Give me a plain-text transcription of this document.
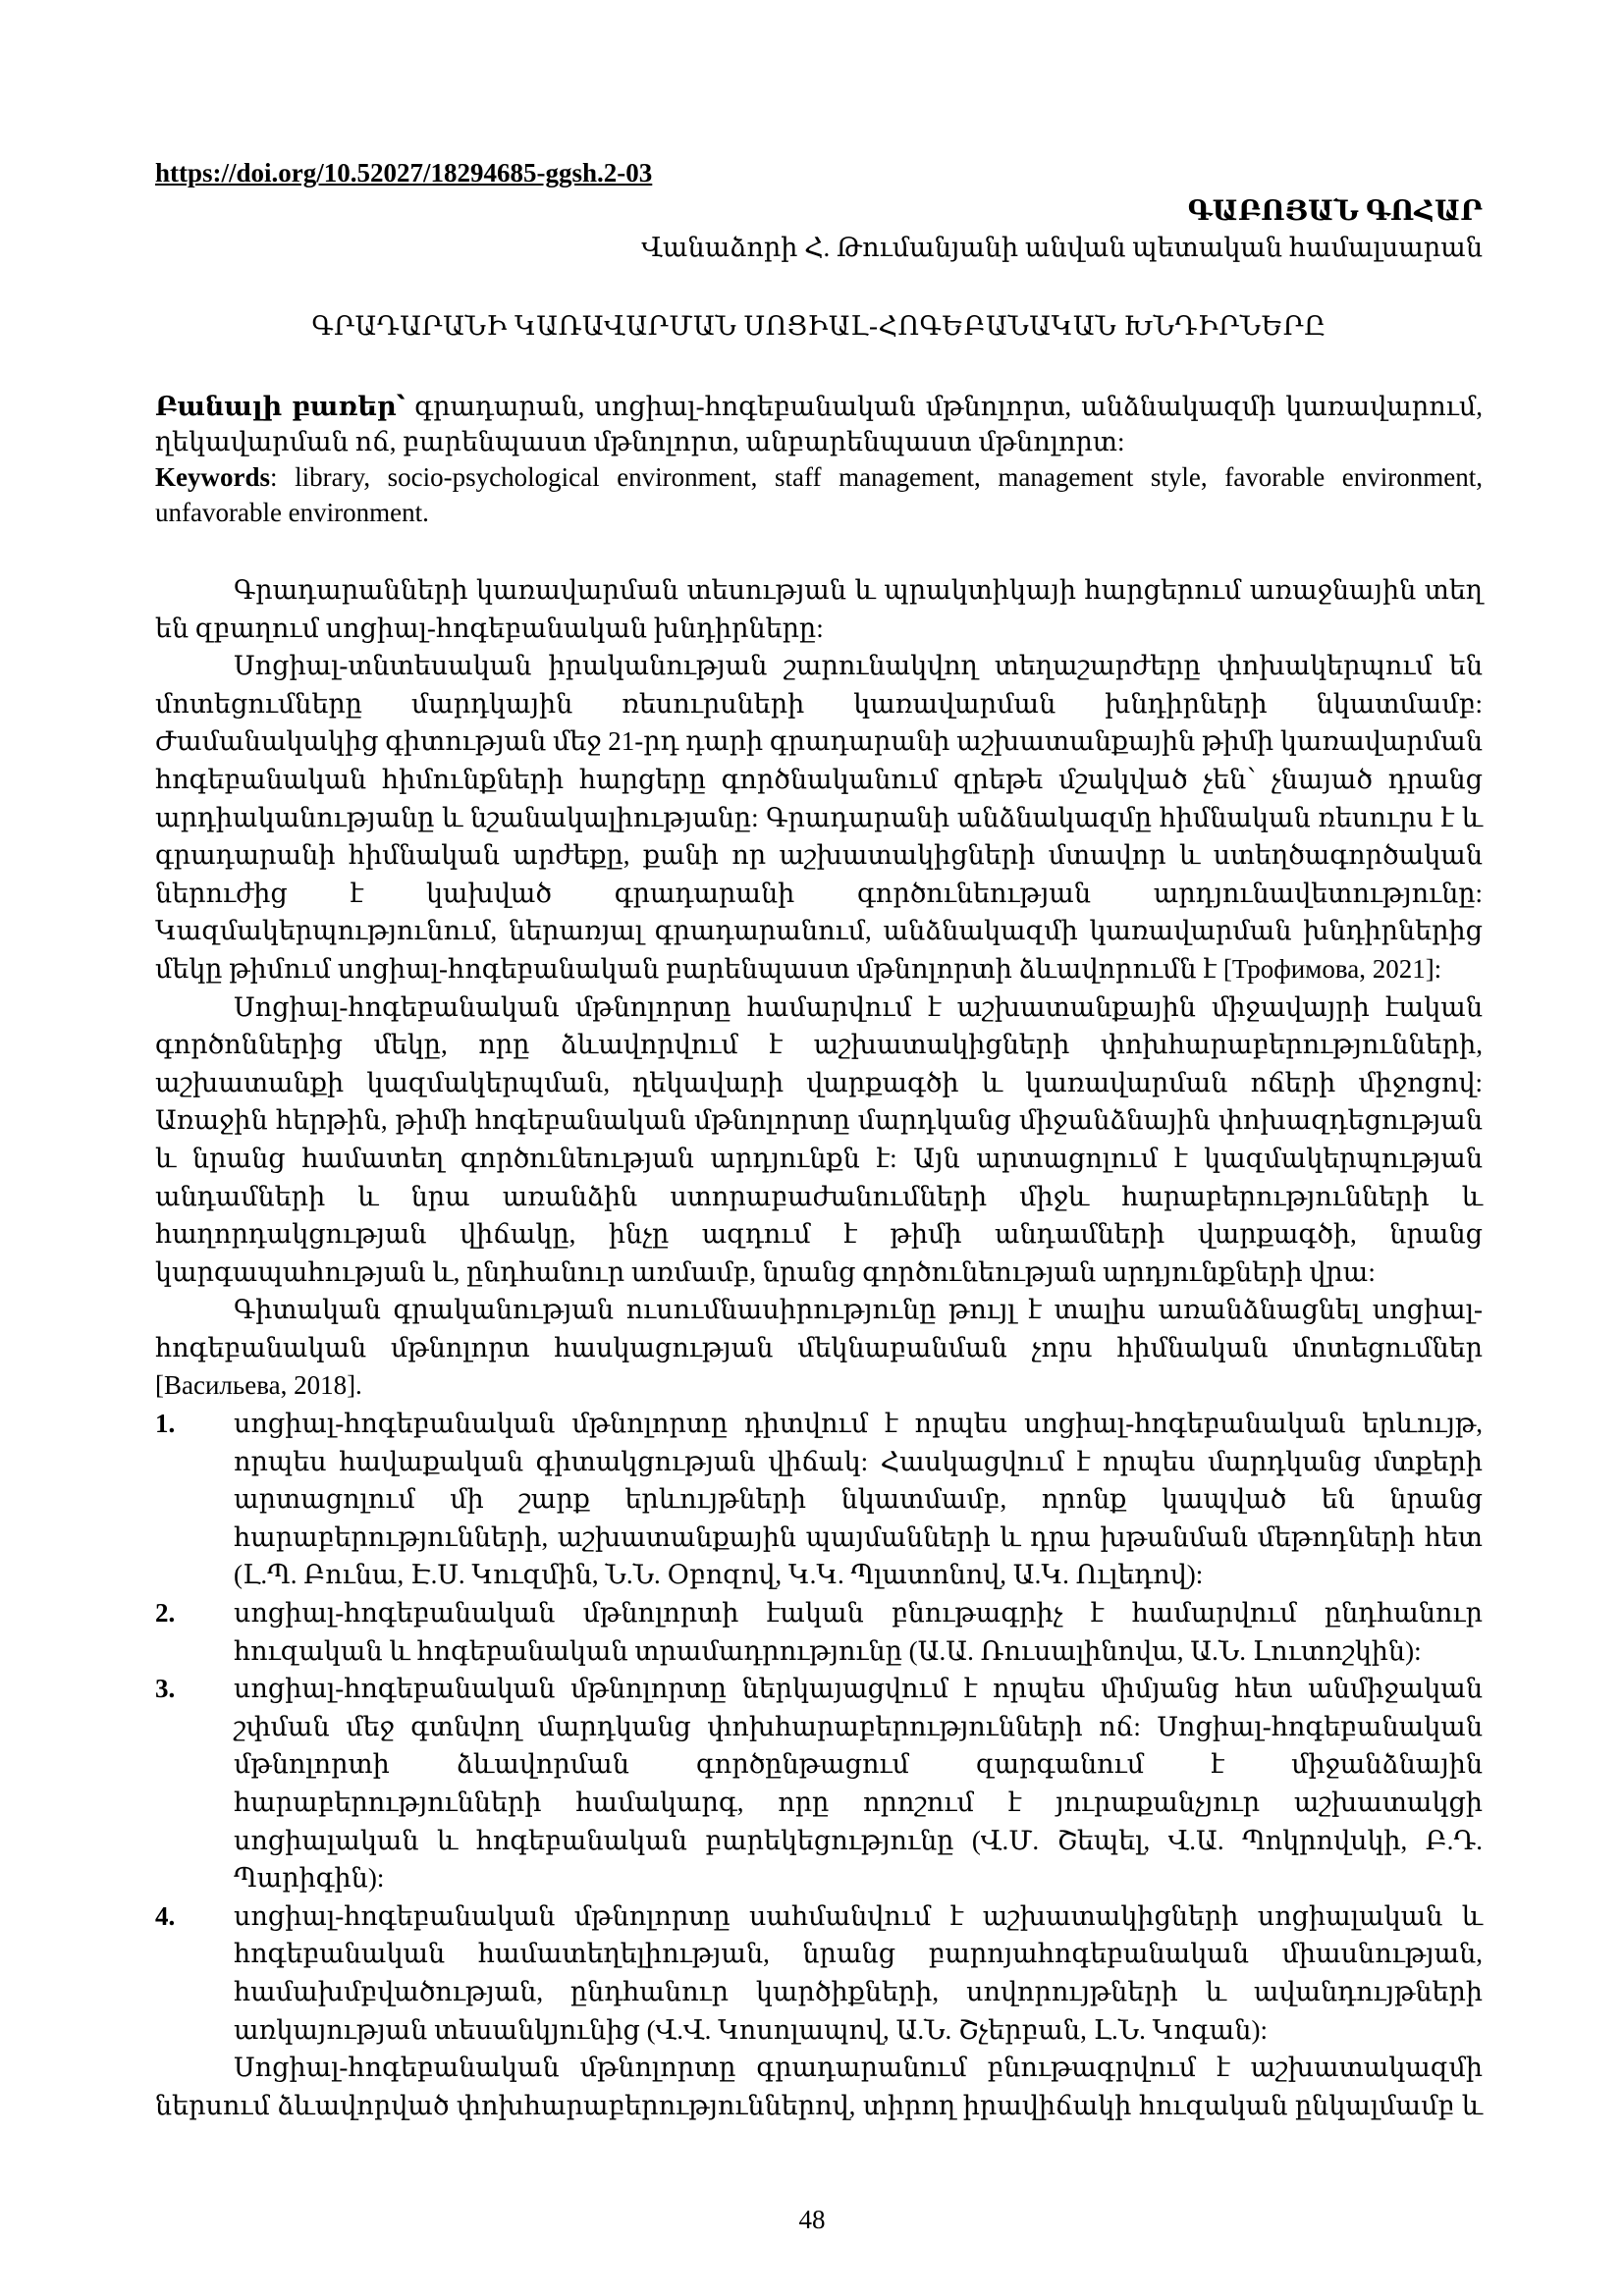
https://doi.org/10.52027/18294685-ggsh.2-03

ԳԱԲՈՅԱՆ ԳՈՀԱՐ
Վանաձորի Հ. Թումանյանի անվան պետական համալսարան
ԳՐԱԴԱՐԱՆԻ ԿԱՌԱՎԱՐՄԱՆ ՍՈՑԻԱԼ-ՀՈԳԵԲԱՆԱԿԱՆ ԽՆԴԻՐՆԵՐԸ

Բանալի բառեր՝ գրադարան, սոցիալ-հոգեբանական մթնոլորտ, անձնակազմի կառավարում, ղեկավարման ոճ, բարենպաստ մթնոլորտ, անբարենպաստ մթնոլորտ:

Keywords: library, socio-psychological environment, staff management, management style, favorable environment, unfavorable environment.

Գրադարանների կառավարման տեսության և պրակտիկայի հարցերում առաջնային տեղ են զբաղում սոցիալ-հոգեբանական խնդիրները:

Սոցիալ-տնտեսական իրականության շարունակվող տեղաշարժերը փոխակերպում են մոտեցումները մարդկային ռեսուրսների կառավարման խնդիրների նկատմամբ: Ժամանակակից գիտության մեջ 21-րդ դարի գրադարանի աշխատանքային թիմի կառավարման հոգեբանական հիմունքների հարցերը գործնականում զրեթե մշակված չեն՝ չնայած դրանց արդիականությանը և նշանակալիությանը: Գրադարանի անձնակազմը հիմնական ռեսուրս է և գրադարանի հիմնական արժեքը, քանի որ աշխատակիցների մտավոր և ստեղծագործական ներուժից է կախված գրադարանի գործունեության արդյունավետությունը: Կազմակերպությունում, ներառյալ գրադարանում, անձնակազմի կառավարման խնդիրներից մեկը թիմում սոցիալ-հոգեբանական բարենպաստ մթնոլորտի ձևավորումն է [Трофимова, 2021]:

Սոցիալ-հոգեբանական մթնոլորտը համարվում է աշխատանքային միջավայրի էական գործոններից մեկը, որը ձևավորվում է աշխատակիցների փոխհարաբերությունների, աշխատանքի կազմակերպման, ղեկավարի վարքագծի և կառավարման ոճերի միջոցով: Առաջին հերթին, թիմի հոգեբանական մթնոլորտը մարդկանց միջանձնային փոխազդեցության և նրանց համատեղ գործունեության արդյունքն է: Այն արտացոլում է կազմակերպության անդամների և նրա առանձին ստորաբաժանումների միջև հարաբերությունների և հաղորդակցության վիճակը, ինչը ազդում է թիմի անդամների վարքագծի, նրանց կարգապահության և, ընդհանուր առմամբ, նրանց գործունեության արդյունքների վրա:

Գիտական գրականության ուսումնասիրությունը թույլ է տալիս առանձնացնել սոցիալ-հոգեբանական մթնոլորտ հասկացության մեկնաբանման չորս հիմնական մոտեցումներ [Васильева, 2018].

1. սոցիալ-հոգեբանական մթնոլորտը դիտվում է որպես սոցիալ-հոգեբանական երևույթ, որպես հավաքական գիտակցության վիճակ: Հասկացվում է որպես մարդկանց մտքերի արտացոլում մի շարք երևույթների նկատմամբ, որոնք կապված են նրանց հարաբերությունների, աշխատանքային պայմանների և դրա խթանման մեթոդների հետ (Լ.Պ. Բունա, Է.Ս. Կուզմին, Ն.Ն. Օբոզով, Կ.Կ. Պլատոնով, Ա.Կ. Ուլեդով):
2. սոցիալ-հոգեբանական մթնոլորտի էական բնութագրիչ է համարվում ընդհանուր հուզական և հոգեբանական տրամադրությունը (Ա.Ա. Ռուսալինովա, Ա.Ն. Լուտոշկին):
3. սոցիալ-հոգեբանական մթնոլորտը ներկայացվում է որպես միմյանց հետ անմիջական շփման մեջ գտնվող մարդկանց փոխհարաբերությունների ոճ: Սոցիալ-հոգեբանական մթնոլորտի ձևավորման գործընթացում զարգանում է միջանձնային հարաբերությունների համակարգ, որը որոշում է յուրաքանչյուր աշխատակցի սոցիալական և հոգեբանական բարեկեցությունը (Վ.Մ. Շեպել, Վ.Ա. Պոկրովսկի, Բ.Դ. Պարիգին):
4. սոցիալ-հոգեբանական մթնոլորտը սահմանվում է աշխատակիցների սոցիալական և հոգեբանական համատեղելիության, նրանց բարոյահոգեբանական միասնության, համախմբվածության, ընդհանուր կարծիքների, սովորույթների և ավանդույթների առկայության տեսանկյունից (Վ.Վ. Կոսոլապով, Ա.Ն. Շչերբան, Լ.Ն. Կոգան):

Սոցիալ-հոգեբանական մթնոլորտը գրադարանում բնութագրվում է աշխատակազմի ներսում ձևավորված փոխհարաբերություններով, տիրող իրավիճակի հուզական ընկալմամբ և

48
